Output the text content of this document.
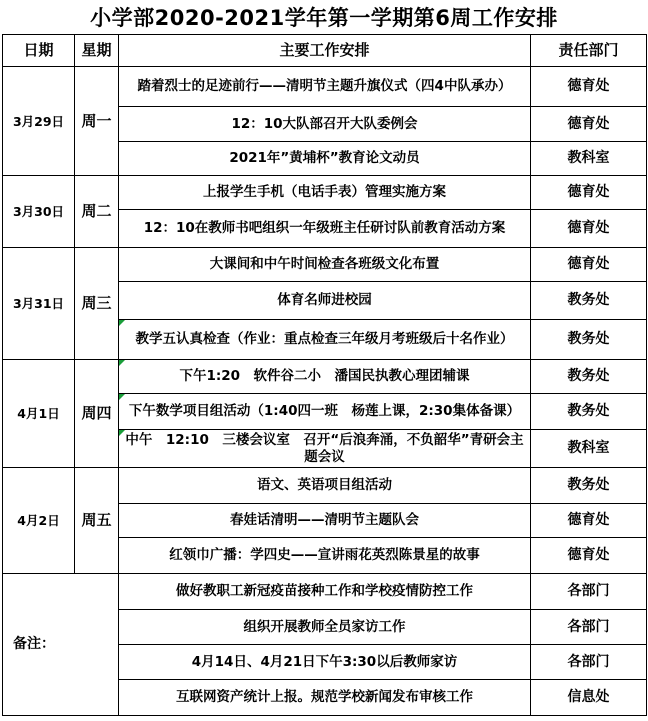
小学部2020-2021学年第一学期第6周工作安排
日期	星期	主要工作安排	责任部门
3月29日	周一	踏着烈士的足迹前行——清明节主题升旗仪式（四4中队承办）	德育处
		12：10大队部召开大队委例会	德育处
		2021年”黄埔杯”教育论文动员	教科室
3月30日	周二	上报学生手机（电话手表）管理实施方案	德育处
		12：10在教师书吧组织一年级班主任研讨队前教育活动方案	德育处
3月31日	周三	大课间和中午时间检查各班级文化布置	德育处
		体育名师进校园	教务处
		教学五认真检查（作业：重点检查三年级月考班级后十名作业）	教务处
4月1日	周四	下午1:20　软件谷二小　潘国民执教心理团辅课	教务处
		下午数学项目组活动（1:40四一班　杨莲上课，2:30集体备课）	教务处
		中午　12:10　三楼会议室　召开“后浪奔涌，不负韶华”青研会主题会议	教科室
4月2日	周五	语文、英语项目组活动	教务处
		春娃话清明——清明节主题队会	德育处
		红领巾广播：学四史——宣讲雨花英烈陈景星的故事	德育处
备注：		做好教职工新冠疫苗接种工作和学校疫情防控工作	各部门
		组织开展教师全员家访工作	各部门
		4月14日、4月21日下午3:30以后教师家访	各部门
		互联网资产统计上报。规范学校新闻发布审核工作	信息处
